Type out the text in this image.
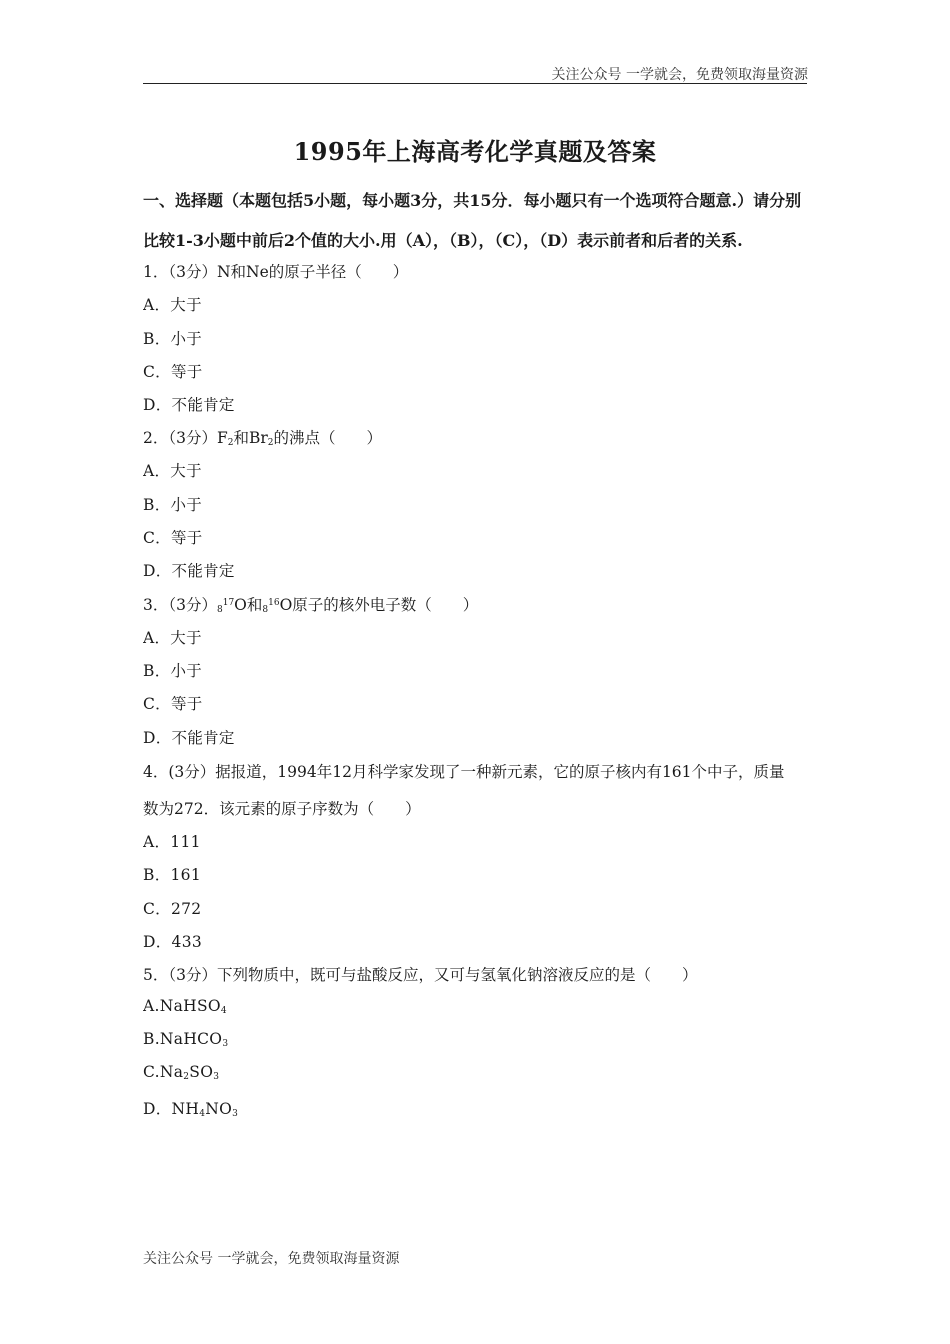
关注公众号 一学就会，免费领取海量资源
1995年上海高考化学真题及答案
一、选择题（本题包括5小题，每小题3分，共15分．每小题只有一个选项符合题意.）请分别
比较1-3小题中前后2个值的大小.用（A），（B），（C），（D）表示前者和后者的关系.
1．（3分）N和Ne的原子半径（　　）
A．大于
B．小于
C．等于
D．不能肯定
2．（3分）$F_2$和$Br_2$的沸点（　　）
A．大于
B．小于
C．等于
D．不能肯定
3．（3分）$_8^{17}O$和$_8^{16}$O原子的核外电子数（　　）
A．大于
B．小于
C．等于
D．不能肯定
4．(3分）据报道，1994年12月科学家发现了一种新元素，它的原子核内有161个中子，质量
数为272．该元素的原子序数为（　　）
A．111
B．161
C．272
D．433
5．（3分）下列物质中，既可与盐酸反应，又可与氢氧化钠溶液反应的是（　　）
A.NaHSO$_4$
B.NaHCO$_3$
$C.Na_2SO_3$
D．$NH_4NO_3$
关注公众号 一学就会，免费领取海量资源
